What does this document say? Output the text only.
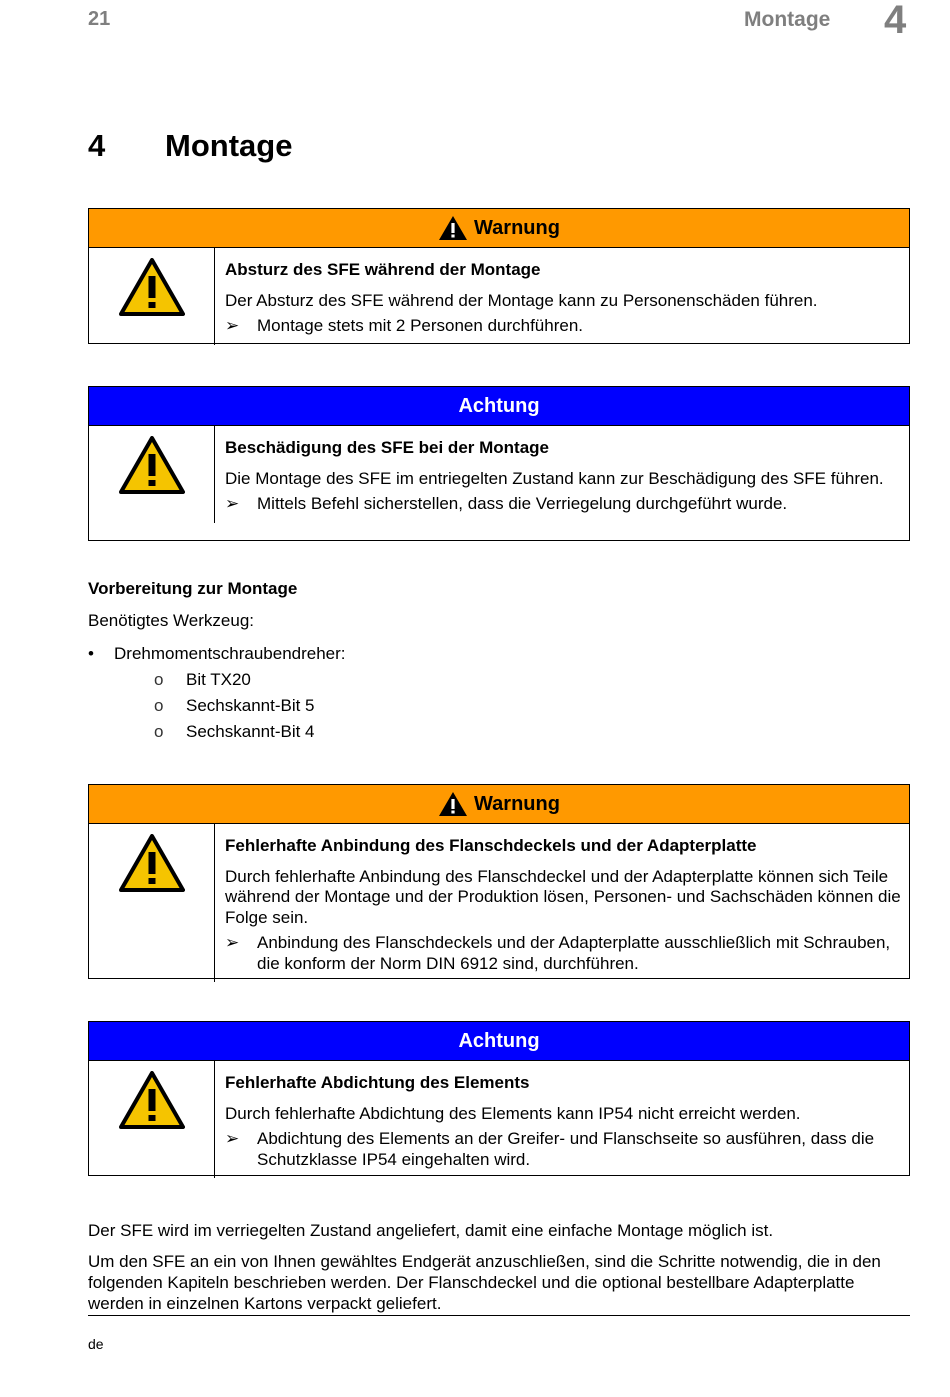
21	Montage 4
4 Montage
Warnung
Absturz des SFE während der Montage
Der Absturz des SFE während der Montage kann zu Personenschäden führen.
➢	Montage stets mit 2 Personen durchführen.
Achtung
Beschädigung des SFE bei der Montage
Die Montage des SFE im entriegelten Zustand kann zur Beschädigung des SFE führen.
➢	Mittels Befehl sicherstellen, dass die Verriegelung durchgeführt wurde.
Vorbereitung zur Montage
Benötigtes Werkzeug:
• Drehmomentschraubendreher:
o Bit TX20
o Sechskannt-Bit 5
o Sechskannt-Bit 4
Warnung
Fehlerhafte Anbindung des Flanschdeckels und der Adapterplatte
Durch fehlerhafte Anbindung des Flanschdeckel und der Adapterplatte können sich Teile während der Montage und der Produktion lösen, Personen- und Sachschäden können die Folge sein.
➢	Anbindung des Flanschdeckels und der Adapterplatte ausschließlich mit Schrauben, die konform der Norm DIN 6912 sind, durchführen.
Achtung
Fehlerhafte Abdichtung des Elements
Durch fehlerhafte Abdichtung des Elements kann IP54 nicht erreicht werden.
➢	Abdichtung des Elements an der Greifer- und Flanschseite so ausführen, dass die Schutzklasse IP54 eingehalten wird.
Der SFE wird im verriegelten Zustand angeliefert, damit eine einfache Montage möglich ist.
Um den SFE an ein von Ihnen gewähltes Endgerät anzuschließen, sind die Schritte notwendig, die in den folgenden Kapiteln beschrieben werden. Der Flanschdeckel und die optional bestellbare Adapterplatte werden in einzelnen Kartons verpackt geliefert.
de
